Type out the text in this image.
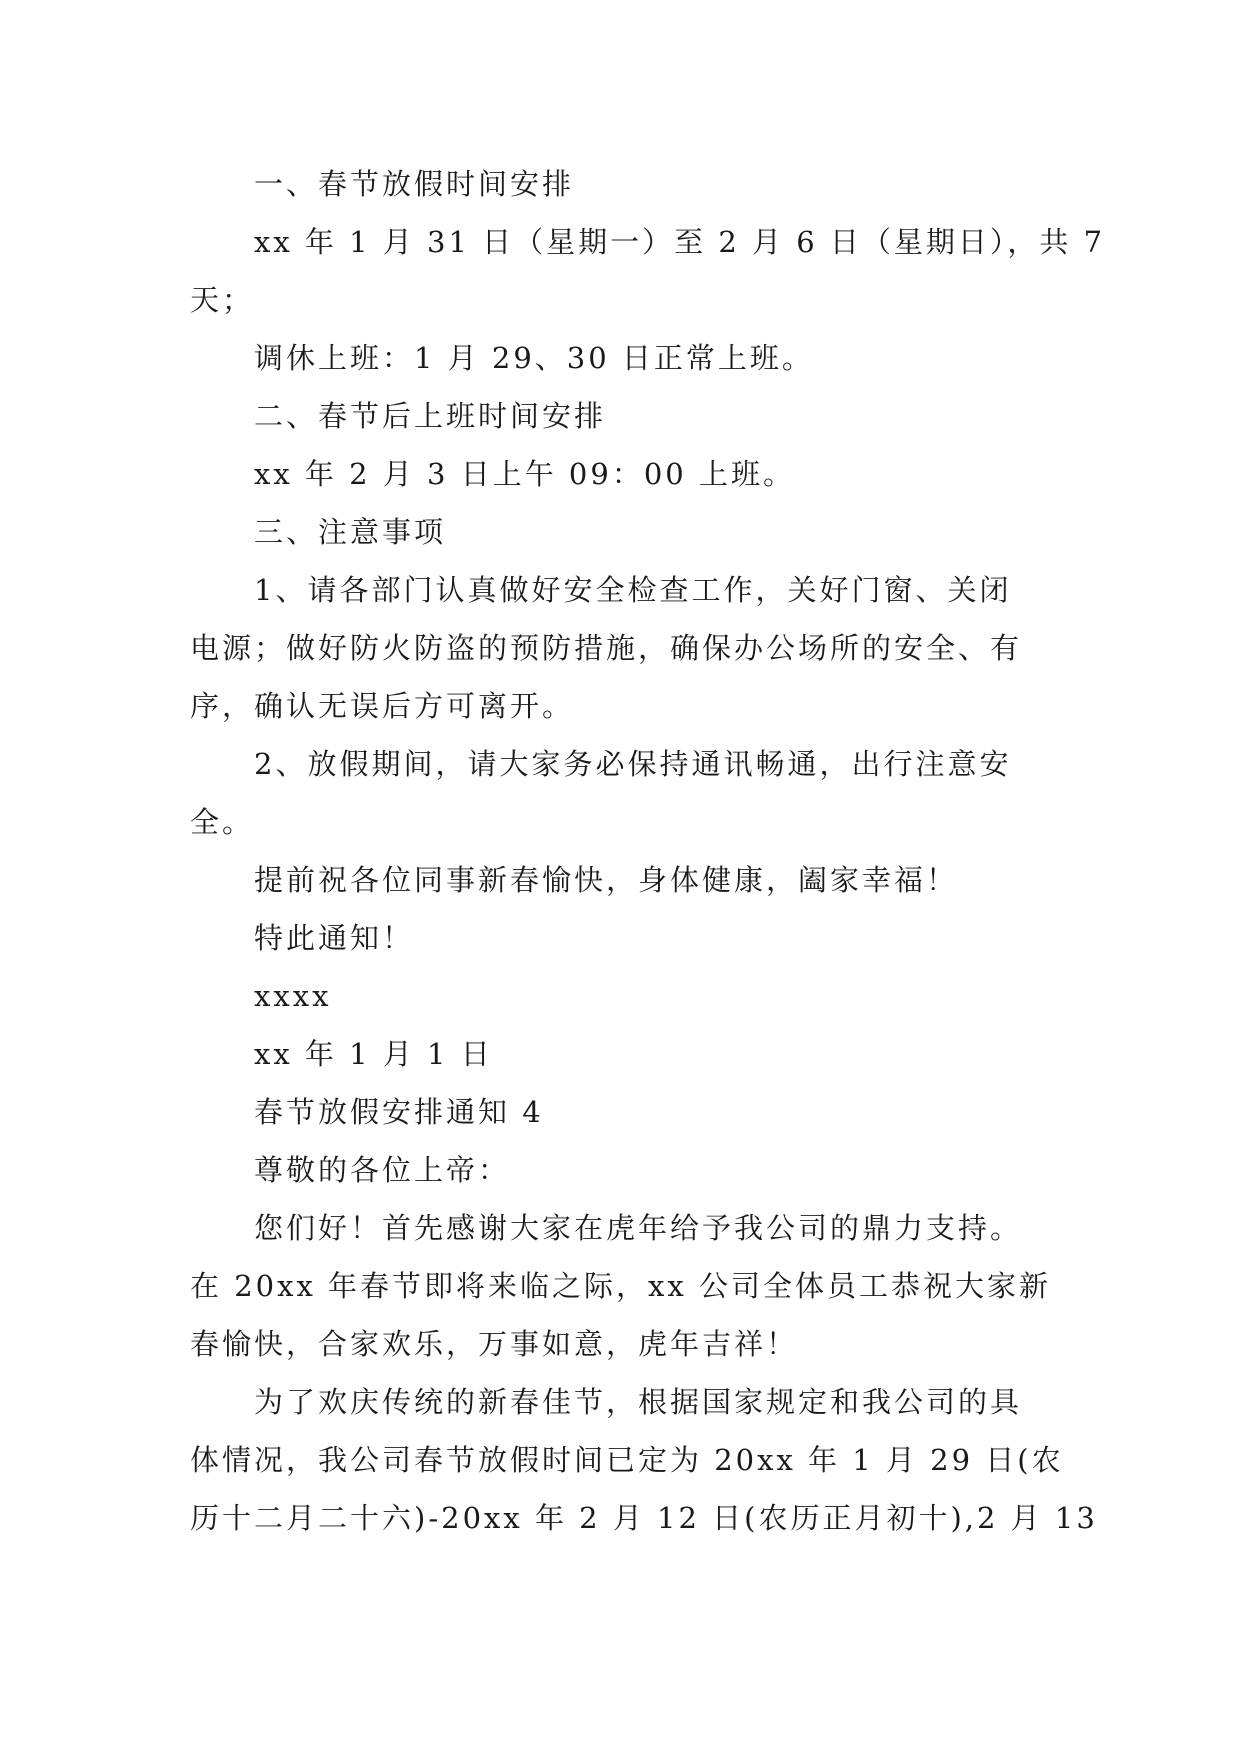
一、春节放假时间安排
xx 年 1 月 31 日（星期一）至 2 月 6 日（星期日），共 7
天；
调休上班：1 月 29、30 日正常上班。
二、春节后上班时间安排
xx 年 2 月 3 日上午 09：00 上班。
三、注意事项
1、请各部门认真做好安全检查工作，关好门窗、关闭
电源；做好防火防盗的预防措施，确保办公场所的安全、有
序，确认无误后方可离开。
2、放假期间，请大家务必保持通讯畅通，出行注意安
全。
提前祝各位同事新春愉快，身体健康，阖家幸福！
特此通知！
xxxx
xx 年 1 月 1 日
春节放假安排通知 4
尊敬的各位上帝：
您们好！首先感谢大家在虎年给予我公司的鼎力支持。
在 20xx 年春节即将来临之际，xx 公司全体员工恭祝大家新
春愉快，合家欢乐，万事如意，虎年吉祥！
为了欢庆传统的新春佳节，根据国家规定和我公司的具
体情况，我公司春节放假时间已定为 20xx 年 1 月 29 日(农
历十二月二十六)-20xx 年 2 月 12 日(农历正月初十),2 月 13
